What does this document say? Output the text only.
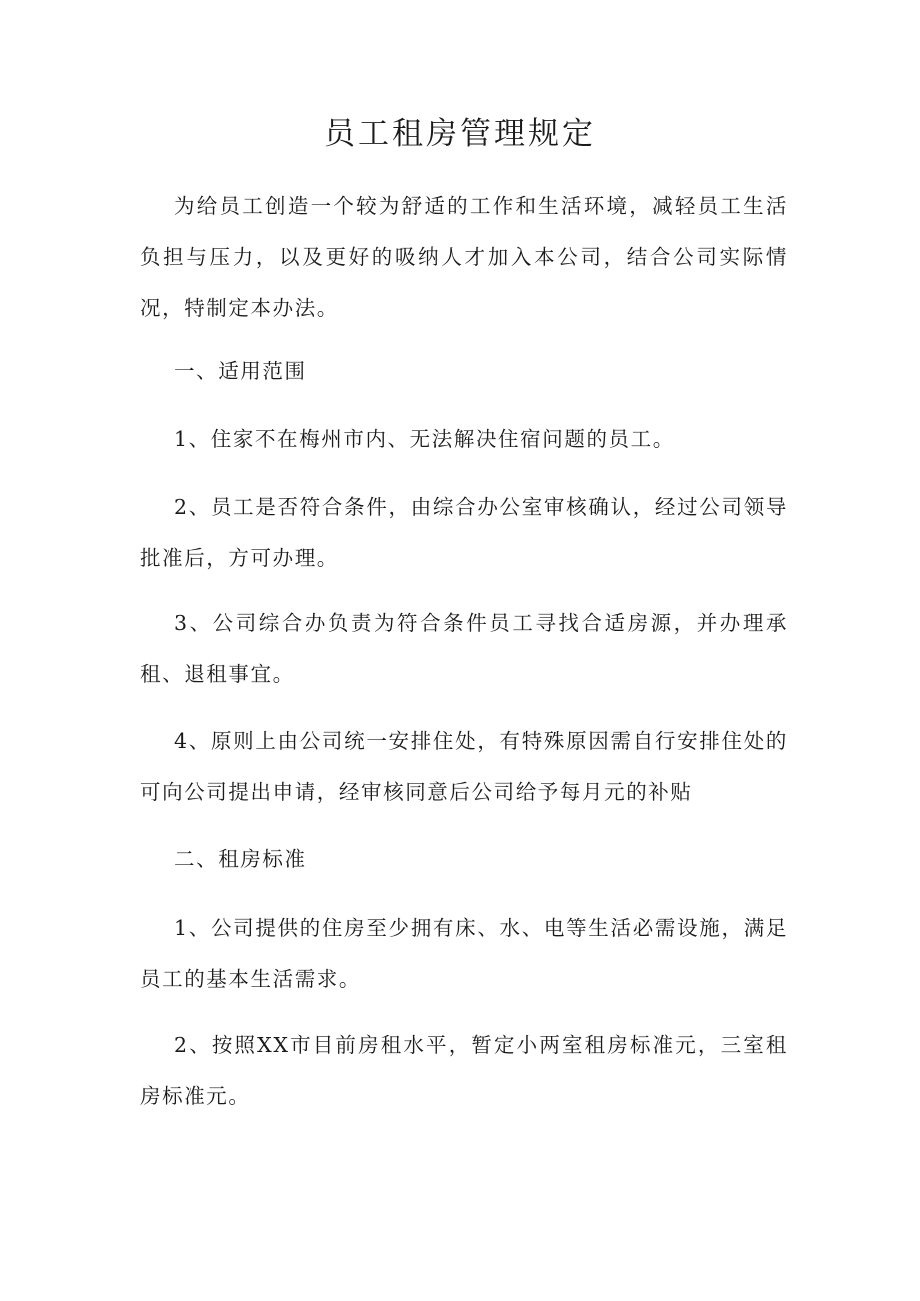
员工租房管理规定

为给员工创造一个较为舒适的工作和生活环境，减轻员工生活负担与压力，以及更好的吸纳人才加入本公司，结合公司实际情况，特制定本办法。

一、适用范围

1、住家不在梅州市内、无法解决住宿问题的员工。

2、员工是否符合条件，由综合办公室审核确认，经过公司领导批准后，方可办理。

3、公司综合办负责为符合条件员工寻找合适房源，并办理承租、退租事宜。

4、原则上由公司统一安排住处，有特殊原因需自行安排住处的可向公司提出申请，经审核同意后公司给予每月元的补贴

二、租房标准

1、公司提供的住房至少拥有床、水、电等生活必需设施，满足员工的基本生活需求。

2、按照XX市目前房租水平，暂定小两室租房标准元，三室租房标准元。
